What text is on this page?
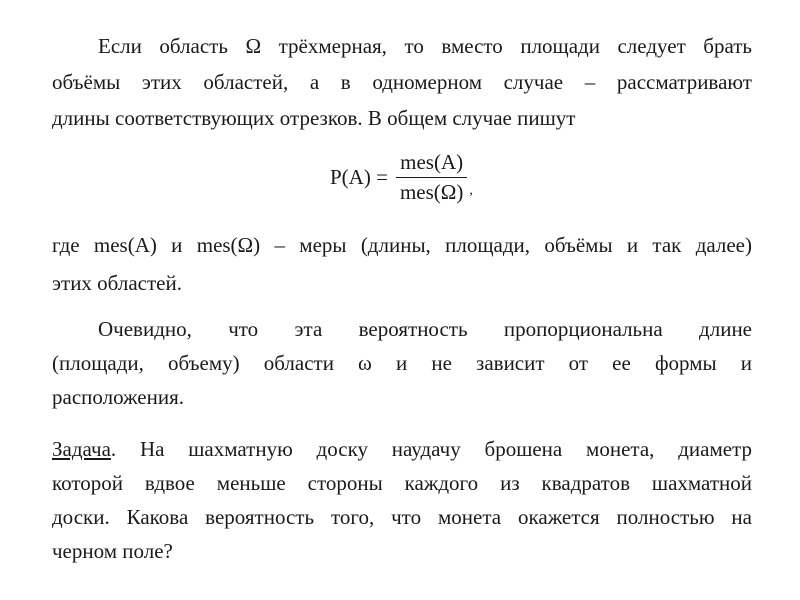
Если область Ω трёхмерная, то вместо площади следует брать
объёмы этих областей, а в одномерном случае – рассматривают
длины соответствующих отрезков. В общем случае пишут

$P(A) = \frac{\text{mes(A)}}{\text{mes(Ω)}}$ ,

где mes(A) и mes(Ω) – меры (длины, площади, объёмы и так далее)
этих областей.

Очевидно, что эта вероятность пропорциональна длине
(площади, объему) области ω и не зависит от ее формы и
расположения.

Задача. На шахматную доску наудачу брошена монета, диаметр
которой вдвое меньше стороны каждого из квадратов шахматной
доски. Какова вероятность того, что монета окажется полностью на
черном поле?
